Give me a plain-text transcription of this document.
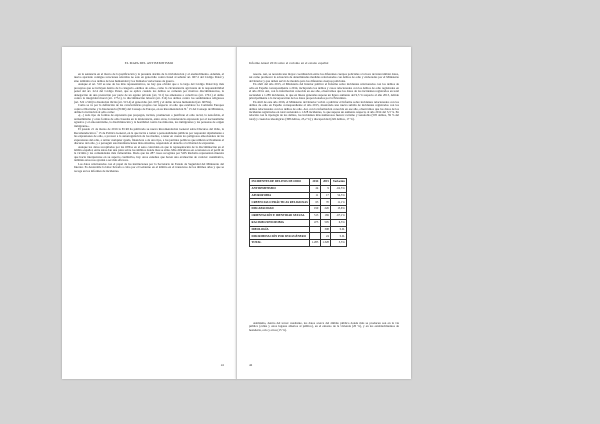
EL MAPA DEL ANTISEMITISMO

en la sentencia en el marco de la justificación y la presunta alarma de la trivialización y el enaltecimiento. Además, el nuevo apartado contiguo rotaciones referidas no solo en genocidio contra Israel al señalar art. 607.2 del Código Penal y sino también a los delitos de lesa humanidad y los llamados variaciones de guerra.

Aunque el art. 510 es uno de los más representativos, no hay que olvidar que a lo largo del Código Penal hay más preceptos que se incluyen dentro de la categoría «delitos de odio», como la circunstancia agravante de la responsabilidad penal del art. 22.4 del Código Penal, que se aplica cuando los delitos se cometen por motivos discriminatorios, la denegación de una prestación por parte de un agente privado (art. 511) los amenazas a colectivos (art. 170.1) el delito contra la integridad moral (art. 173.1), la discriminación laboral (art. 314) los delitos contra los sentimientos religiosos (art. 522 a 526) la disolución ilícita (art. 515.4) el genocidio (art. 607) y el delito de lesa humanidad (art. 607bis).

Como se ve por la definición de las características propias con respecto al odio que establece La Comisión Europea contra el Racismo y la Intolerancia (ECRI) del Consejo de Europa, en su Recomendación N.º 15 del Consejo de Ministros, define la incitación al odio como:

«[...] todo tipo de formas de expresión que propagan, incitan, promueven o justifican el odio racial, la xenofobia, el antisemitismo y otras formas de odio basadas en la intolerancia, entre otras, la intolerancia expresada por el nacionalismo agresivo y el etnocentrismo, la discriminación y la hostilidad contra las minorías, los inmigrantes y las personas de origen inmigrante».

El pasado 21 de marzo de 2016 la ECRI ha publicado su nueva Recomendación General sobre Discurso del Odio, la Recomendación n.º 15 de Política General, en la que incita a tomar a personalidades públicas por responder rápidamente a las expresiones de odio, a proveer a la autorregulación de los medios, a tener en cuenta los peligrosos emocionales de las expresiones del odio, a retirar cualquier ayuda, financiera o de otro tipo, a los partidos políticos que utilizan activamente el discurso del odio, y a perseguir sus manifestaciones más extremas, respetando el derecho a la libertad de expresión.

Aunque los datos recopilados por las ONGs en el seno coinciden en que la representación de la discriminación en el ámbito español, entre éstas dan una pista sobre los ámbitos donde mas se sitúa. Más dificultoso en ocasiones es el perfil de la víctima y las comunidades más vulnerables. Dado que las 287 casos recogidos por SOS Racismo representan muestra que hacía interpretarse en su aspecto cualitativo, hay otros estudios que hacen una evaluación de carácter cuantitativo, también estos nos ayudan a ser más eficaces.

Los datos relacionados con el papel de las instituciones por la Secretaría de Estado de Seguridad del Ministerio del Interior. Es destacable la labor llevada a cabo por el Gobierno en el ámbito en el transcurso de los últimos años y que se recoge en los informes de incidentes.

41
Informe Anual 2016 sobre el racismo en el estado español

resorte. Así, se necesita una mayor coordinación entre los diferentes cuerpos policiales a la hora de intercambiar datos, así como promover la actuación de determinadas medidas relacionadas con delitos de odio y elaboradas por el Ministerio del Interior y que deben servir de modelo para los diferentes cuerpos policiales.

En abril del año 2015, el Ministerio del Interior publicó el Informe sobre incidentes relacionados con los delitos de odio en España correspondiente a 2014, incluyendo los delitos y casos relacionados con los delitos de odio registrados en el año 2014. Así, con la información conocida en ese año, observamos que los datos de los incidentes registrados en total ascienden a 1.285 incidentes, lo que en líneas generales supone un ligero aumento del 9,3 % respecto al año 2013, debido principalmente a la incorporación de los datos proporcionados por la Ertzaintza.

En abril de este año 2016, el Ministerio del Interior volvió a publicar el Informe sobre incidentes relacionados con los delitos de odio en España correspondiente al año 2015, mostrando una nueva subida de incidentes registrados con los delitos relacionados con los delitos de odio. Así, con la información conocida en ese año, observamos que los datos de los incidentes registrados en total ascienden a 1.328 incidentes, lo que supone un aumento respecto al año 2014 del 3,3 %. En relación con la tipología de los delitos, los incidentes más numerosos fueron: racismo y xenofobia (505 delitos, 39 % del total) y creencias ideológicas (308 delitos, 23,2 %) y discapacidad (226 delitos, 17 %).

INCIDENTES DE DELITOS DE ODIO	2014	2015	Variación
ANTISEMITISMO	24	9	-62,5%
APOROFOBIA	11	17	54,5%
CREENCIAS O PRÁCTICAS RELIGIOSAS	63	70	11,1%
DISCAPACIDAD	199	226	13,6%
ORIENTACIÓN E IDENTIDAD SEXUAL	513	169	-67,1%
RACISMO/XENOFOBIA	475	505	6,3%
IDEOLOGÍA		308	S.D.
DISCRIMINACIÓN POR SEXO/GÉNERO		24	S.D.
TOTAL	1.285	1.328	3,3%

Asimismo, dentro del tercer cuadrante, los datos acerca del ámbito público donde más se producen son en la vía pública (calles y otros lugares abiertos al público), en el entorno de la vivienda (20 %), y en los establecimientos de hostelería, ocio y otros (15 %).

42
